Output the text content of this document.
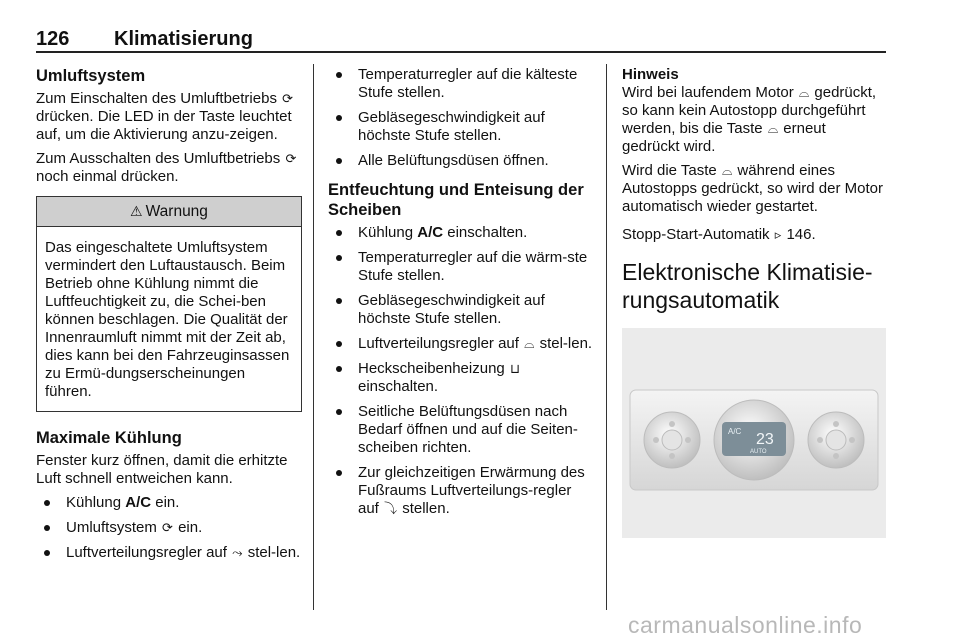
126 Klimatisierung
Umluftsystem

Zum Einschalten des Umluftbetriebs ⟳ drücken. Die LED in der Taste leuchtet auf, um die Aktivierung anzu-zeigen.

Zum Ausschalten des Umluftbetriebs ⟳ noch einmal drücken.

⚠ Warnung
Das eingeschaltete Umluftsystem vermindert den Luftaustausch. Beim Betrieb ohne Kühlung nimmt die Luftfeuchtigkeit zu, die Schei-ben können beschlagen. Die Qualität der Innenraumluft nimmt mit der Zeit ab, dies kann bei den Fahrzeuginsassen zu Ermü-dungserscheinungen führen.
Maximale Kühlung

Fenster kurz öffnen, damit die erhitzte Luft schnell entweichen kann.

Kühlung A/C ein.
Umluftsystem ⟳ ein.
Luftverteilungsregler auf ⤳ stel-len.
Temperaturregler auf die kälteste Stufe stellen.
Gebläsegeschwindigkeit auf höchste Stufe stellen.
Alle Belüftungsdüsen öffnen.
Entfeuchtung und Enteisung der Scheiben
Kühlung A/C einschalten.
Temperaturregler auf die wärm-ste Stufe stellen.
Gebläsegeschwindigkeit auf höchste Stufe stellen.
Luftverteilungsregler auf ⌓ stel-len.
Heckscheibenheizung ⊔
einschalten.
Seitliche Belüftungsdüsen nach Bedarf öffnen und auf die Seiten-scheiben richten.
Zur gleichzeitigen Erwärmung des Fußraums Luftverteilungs-regler auf ⤵ stellen.
Hinweis

Wird bei laufendem Motor ⌓ gedrückt, so kann kein Autostopp durchgeführt werden, bis die Taste ⌓ erneut gedrückt wird.

Wird die Taste ⌓ während eines Autostopps gedrückt, so wird der Motor automatisch wieder gestartet.

Stopp-Start-Automatik ▹ 146.

Elektronische Klimatisie-rungsautomatik
A/C 23
AUTO
carmanualsonline.info
